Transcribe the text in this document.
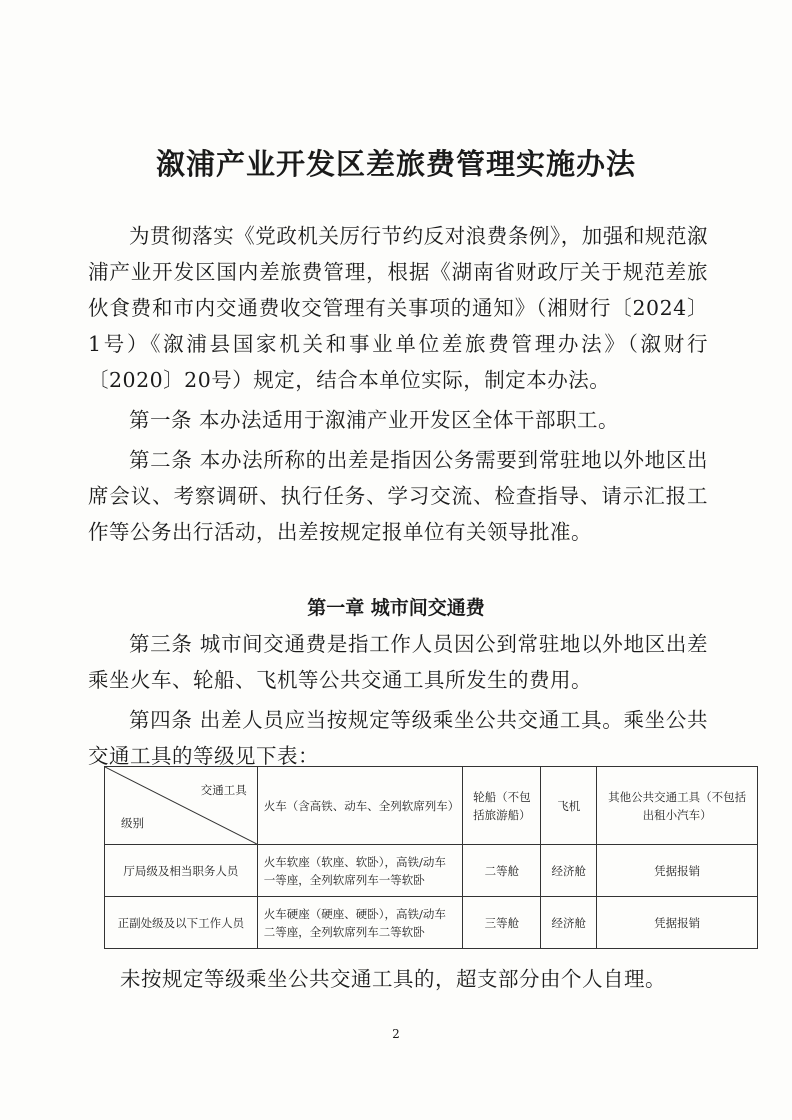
溆浦产业开发区差旅费管理实施办法

为贯彻落实《党政机关厉行节约反对浪费条例》，加强和规范溆浦产业开发区国内差旅费管理，根据《湖南省财政厅关于规范差旅伙食费和市内交通费收交管理有关事项的通知》（湘财行〔2024〕1号）《溆浦县国家机关和事业单位差旅费管理办法》（溆财行〔2020〕20号）规定，结合本单位实际，制定本办法。

第一条 本办法适用于溆浦产业开发区全体干部职工。

第二条 本办法所称的出差是指因公务需要到常驻地以外地区出席会议、考察调研、执行任务、学习交流、检查指导、请示汇报工作等公务出行活动，出差按规定报单位有关领导批准。

第一章 城市间交通费

第三条 城市间交通费是指工作人员因公到常驻地以外地区出差乘坐火车、轮船、飞机等公共交通工具所发生的费用。

第四条 出差人员应当按规定等级乘坐公共交通工具。乘坐公共交通工具的等级见下表：

交通工具
级别	火车（含高铁、动车、全列软席列车）	轮船（不包括旅游船）	飞机	其他公共交通工具（不包括出租小汽车）
厅局级及相当职务人员	火车软座（软座、软卧），高铁/动车 一等座，全列软席列车一等软卧	二等舱	经济舱	凭据报销
正副处级及以下工作人员	火车硬座（硬座、硬卧），高铁/动车 二等座，全列软席列车二等软卧	三等舱	经济舱	凭据报销
未按规定等级乘坐公共交通工具的，超支部分由个人自理。
2
